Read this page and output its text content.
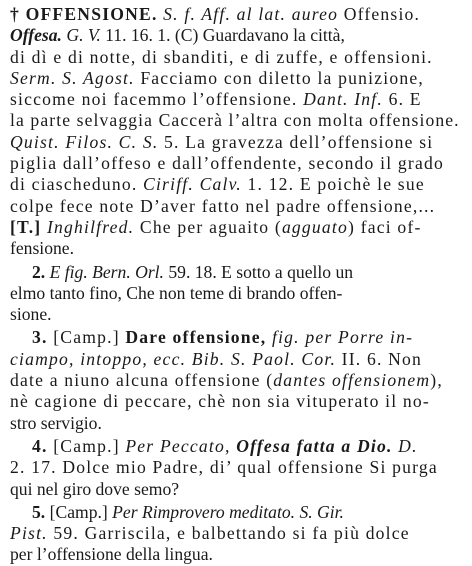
† OFFENSIONE. S. f. Aff. al lat. aureo Offensio.
Offesa. G. V. 11. 16. 1. (C) Guardavano la città,
di dì e di notte, di sbanditi, e di zuffe, e offensioni.
Serm. S. Agost. Facciamo con diletto la punizione,
siccome noi facemmo l’offensione. Dant. Inf. 6. E
la parte selvaggia Caccerà l’altra con molta offensione.
Quist. Filos. C. S. 5. La gravezza dell’offensione si
piglia dall’offeso e dall’offendente, secondo il grado
di ciascheduno. Ciriff. Calv. 1. 12. E poichè le sue
colpe fece note D’aver fatto nel padre offensione,...
[T.] Inghilfred. Che per aguaito (agguato) faci of-
fensione.
2. E fig. Bern. Orl. 59. 18. E sotto a quello un
elmo tanto fino, Che non teme di brando offen-
sione.
3. [Camp.] Dare offensione, fig. per Porre in-
ciampo, intoppo, ecc. Bib. S. Paol. Cor. II. 6. Non
date a niuno alcuna offensione (dantes offensionem),
nè cagione di peccare, chè non sia vituperato il no-
stro servigio.
4. [Camp.] Per Peccato, Offesa fatta a Dio. D.
2. 17. Dolce mio Padre, di’ qual offensione Si purga
qui nel giro dove semo?
5. [Camp.] Per Rimprovero meditato. S. Gir.
Pist. 59. Garriscila, e balbettando si fa più dolce
per l’offensione della lingua.
